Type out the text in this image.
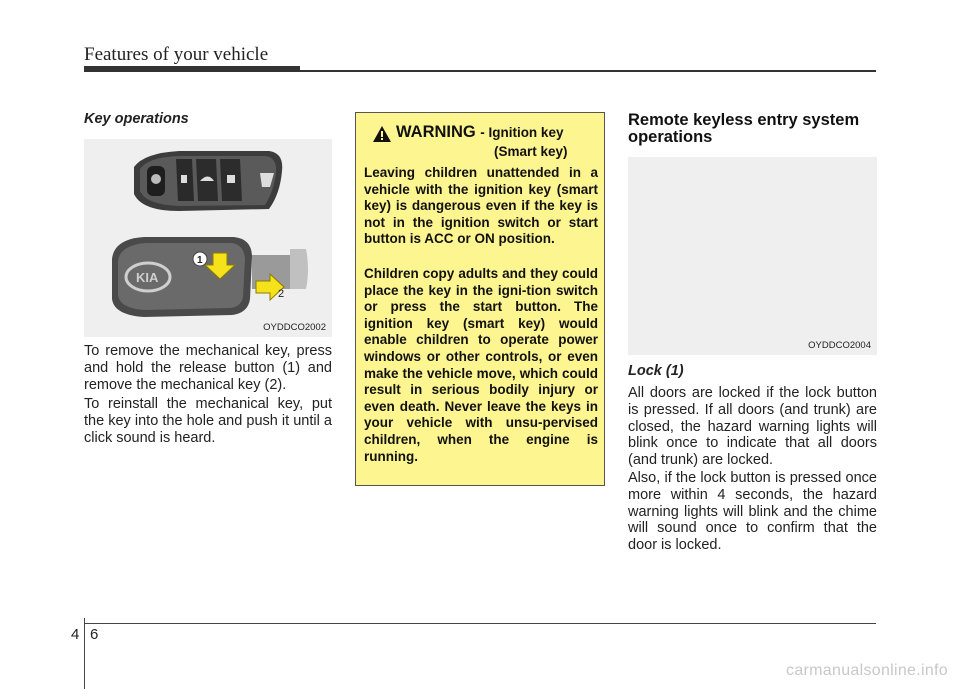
Features of your vehicle
Key operations
KIA
1
2
OYDDCO2002

To remove the mechanical key, press and hold the release button (1) and remove the mechanical key (2).

To reinstall the mechanical key, put the key into the hole and push it until a click sound is heard.

WARNING - Ignition key
(Smart key)

Leaving children unattended in a vehicle with the ignition key (smart key) is dangerous even if the key is not in the ignition switch or start button is ACC or ON position.

Children copy adults and they could place the key in the igni-tion switch or press the start button. The ignition key (smart key) would enable children to operate power windows or other controls, or even make the vehicle move, which could result in serious bodily injury or even death. Never leave the keys in your vehicle with unsu-pervised children, when the engine is running.

Remote keyless entry system operations
OYDDCO2004
Lock (1)

All doors are locked if the lock button is pressed. If all doors (and trunk) are closed, the hazard warning lights will blink once to indicate that all doors (and trunk) are locked.

Also, if the lock button is pressed once more within 4 seconds, the hazard warning lights will blink and the chime will sound once to confirm that the door is locked.

4 6
carmanualsonline.info
